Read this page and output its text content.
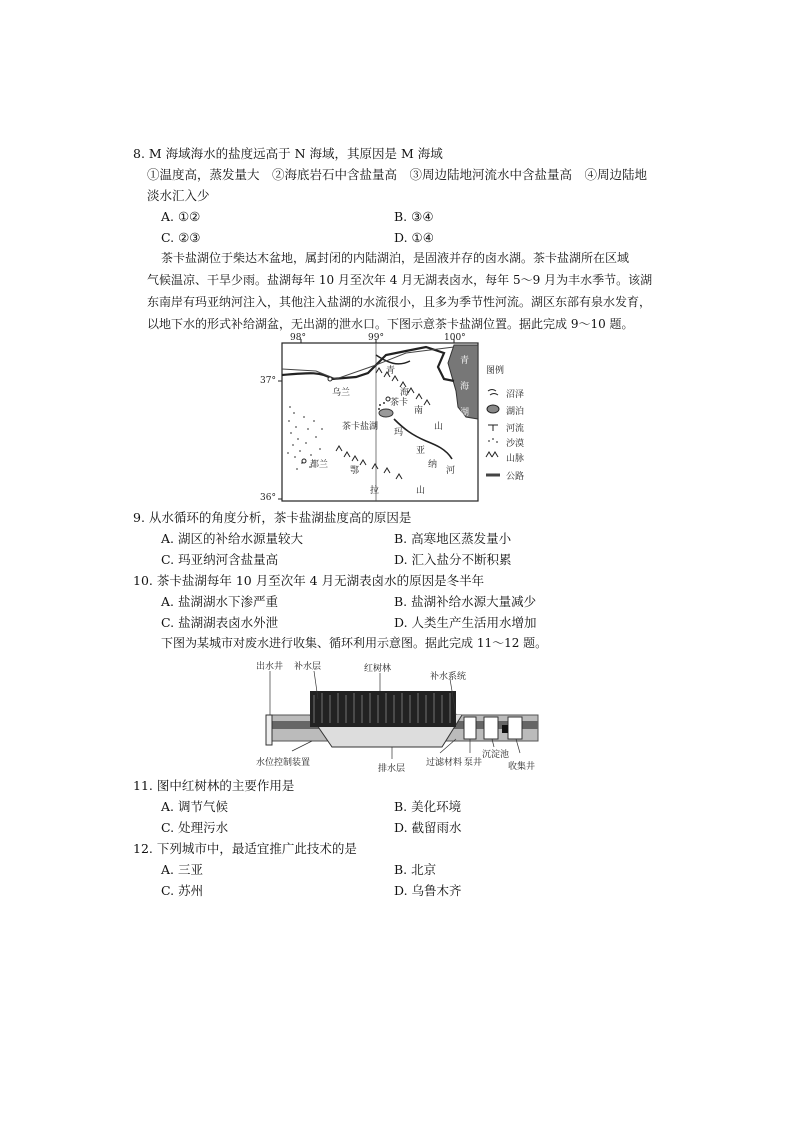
8. M 海域海水的盐度远高于 N 海域，其原因是 M 海域
①温度高，蒸发量大　②海底岩石中含盐量高　③周边陆地河流水中含盐量高　④周边陆地
淡水汇入少
A. ①②	B. ③④
C. ②③	D. ①④
茶卡盐湖位于柴达木盆地，属封闭的内陆湖泊，是固液并存的卤水湖。茶卡盐湖所在区域
气候温凉、干旱少雨。盐湖每年 10 月至次年 4 月无湖表卤水，每年 5～9 月为丰水季节。该湖
东南岸有玛亚纳河注入，其他注入盐湖的水流很小，且多为季节性河流。湖区东部有泉水发育，
以地下水的形式补给湖盆，无出湖的泄水口。下图示意茶卡盐湖位置。据此完成 9～10 题。
98°	99°	100°
37°
36°
乌兰
茶卡
茶卡盐湖
都兰
青
海
湖
青
海
南
山
鄂
拉	山
玛
亚
纳
河
图例
沼泽
湖泊
河流
沙漠
山脉
公路
9. 从水循环的角度分析，茶卡盐湖盐度高的原因是
A. 湖区的补给水源量较大	B. 高寒地区蒸发量小
C. 玛亚纳河含盐量高	D. 汇入盐分不断积累
10. 茶卡盐湖每年 10 月至次年 4 月无湖表卤水的原因是冬半年
A. 盐湖湖水下渗严重	B. 盐湖补给水源大量减少
C. 盐湖湖表卤水外泄	D. 人类生产生活用水增加
下图为某城市对废水进行收集、循环利用示意图。据此完成 11～12 题。
出水井 补水层	红树林
补水系统
水位控制装置
排水层
过滤材料 泵井
沉淀池
收集井
11. 图中红树林的主要作用是
A. 调节气候	B. 美化环境
C. 处理污水	D. 截留雨水
12. 下列城市中，最适宜推广此技术的是
A. 三亚	B. 北京
C. 苏州	D. 乌鲁木齐
